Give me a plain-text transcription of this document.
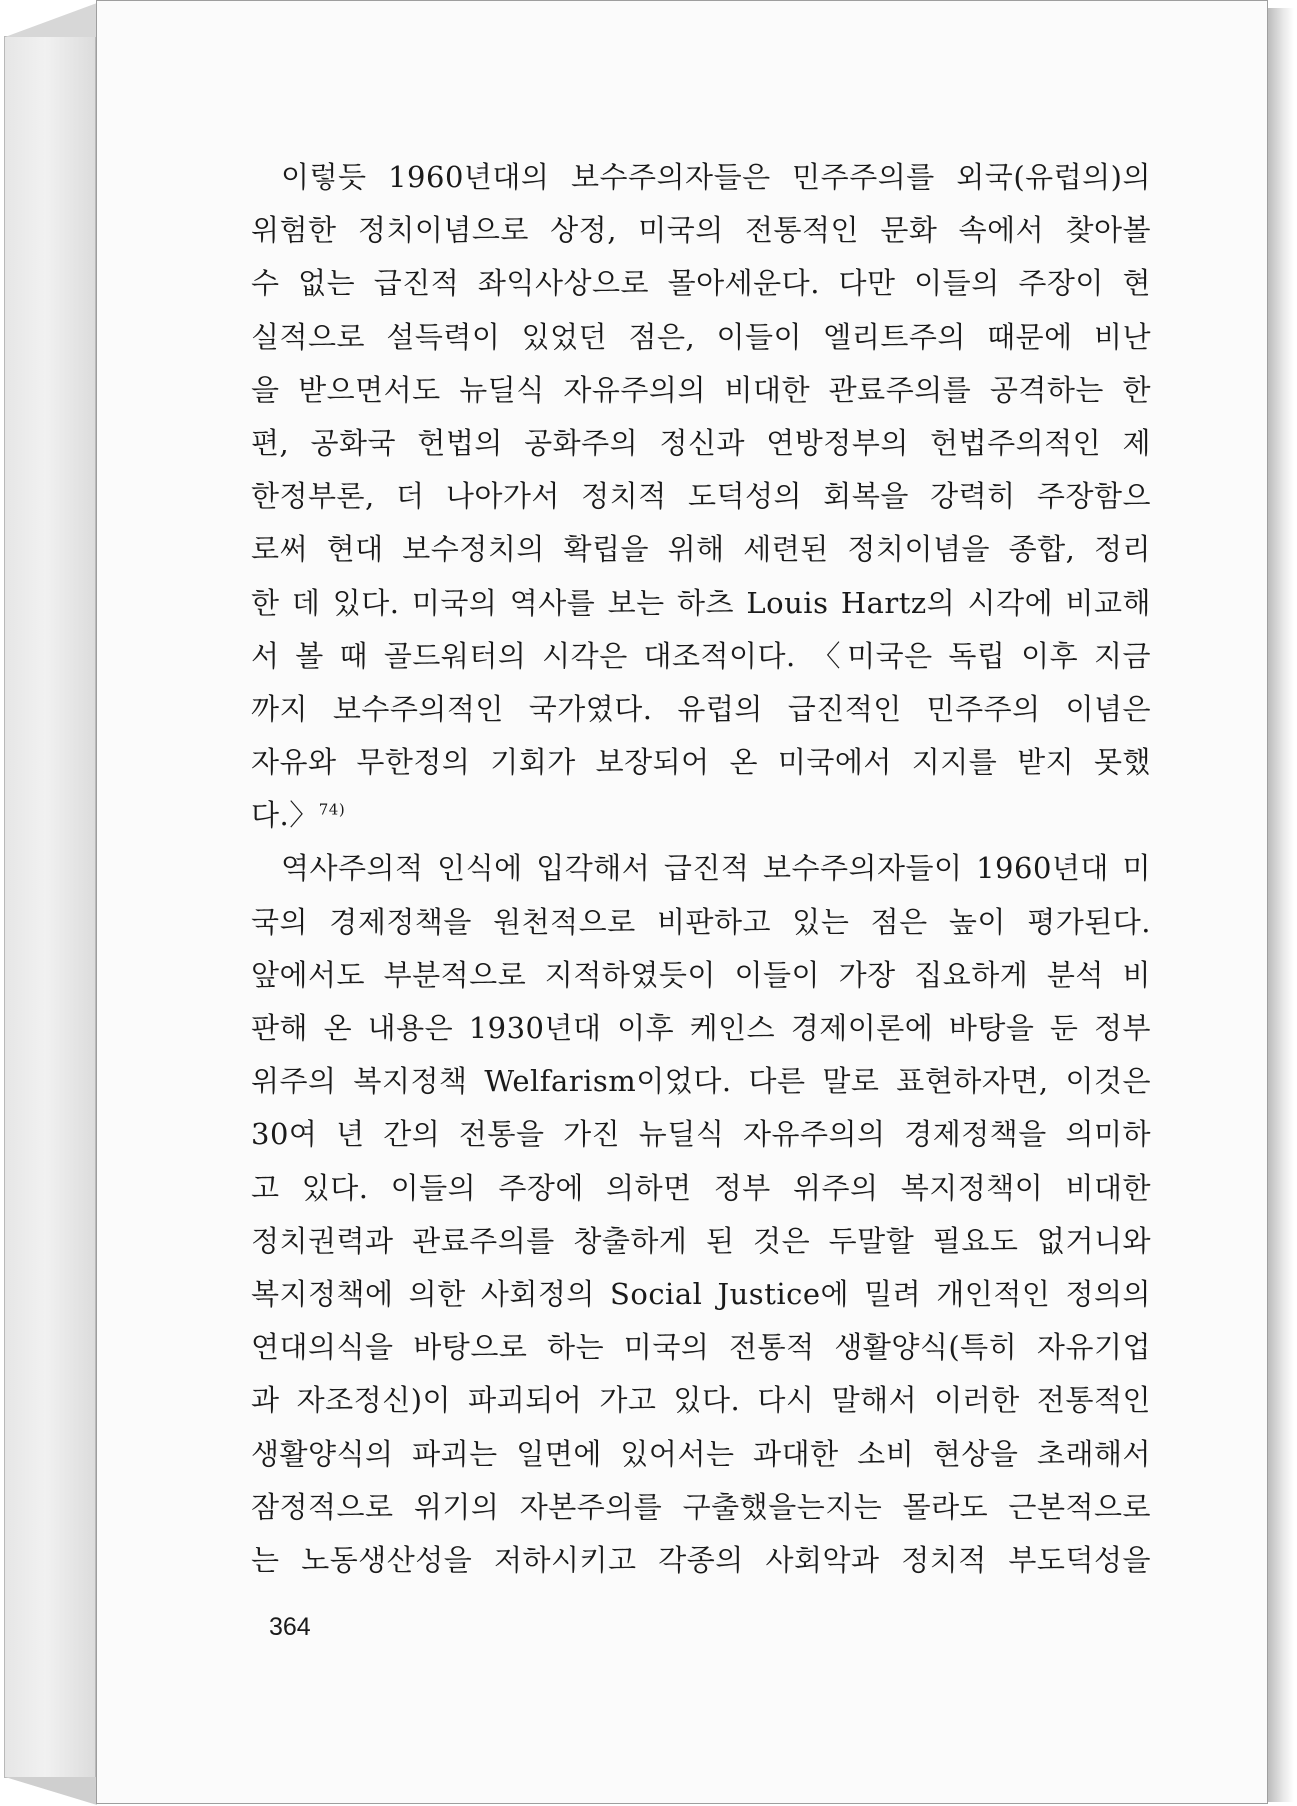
이렇듯 1960년대의 보수주의자들은 민주주의를 외국(유럽의)의
위험한 정치이념으로 상정, 미국의 전통적인 문화 속에서 찾아볼
수 없는 급진적 좌익사상으로 몰아세운다. 다만 이들의 주장이 현
실적으로 설득력이 있었던 점은, 이들이 엘리트주의 때문에 비난
을 받으면서도 뉴딜식 자유주의의 비대한 관료주의를 공격하는 한
편, 공화국 헌법의 공화주의 정신과 연방정부의 헌법주의적인 제
한정부론, 더 나아가서 정치적 도덕성의 회복을 강력히 주장함으
로써 현대 보수정치의 확립을 위해 세련된 정치이념을 종합, 정리
한 데 있다. 미국의 역사를 보는 하츠 Louis Hartz의 시각에 비교해
서 볼 때 골드워터의 시각은 대조적이다. 〈미국은 독립 이후 지금
까지 보수주의적인 국가였다. 유럽의 급진적인 민주주의 이념은
자유와 무한정의 기회가 보장되어 온 미국에서 지지를 받지 못했
다.〉$^{74)}$
역사주의적 인식에 입각해서 급진적 보수주의자들이 1960년대 미
국의 경제정책을 원천적으로 비판하고 있는 점은 높이 평가된다.
앞에서도 부분적으로 지적하였듯이 이들이 가장 집요하게 분석 비
판해 온 내용은 1930년대 이후 케인스 경제이론에 바탕을 둔 정부
위주의 복지정책 Welfarism이었다. 다른 말로 표현하자면, 이것은
30여 년 간의 전통을 가진 뉴딜식 자유주의의 경제정책을 의미하
고 있다. 이들의 주장에 의하면 정부 위주의 복지정책이 비대한
정치권력과 관료주의를 창출하게 된 것은 두말할 필요도 없거니와
복지정책에 의한 사회정의 Social Justice에 밀려 개인적인 정의의
연대의식을 바탕으로 하는 미국의 전통적 생활양식(특히 자유기업
과 자조정신)이 파괴되어 가고 있다. 다시 말해서 이러한 전통적인
생활양식의 파괴는 일면에 있어서는 과대한 소비 현상을 초래해서
잠정적으로 위기의 자본주의를 구출했을는지는 몰라도 근본적으로
는 노동생산성을 저하시키고 각종의 사회악과 정치적 부도덕성을
364
